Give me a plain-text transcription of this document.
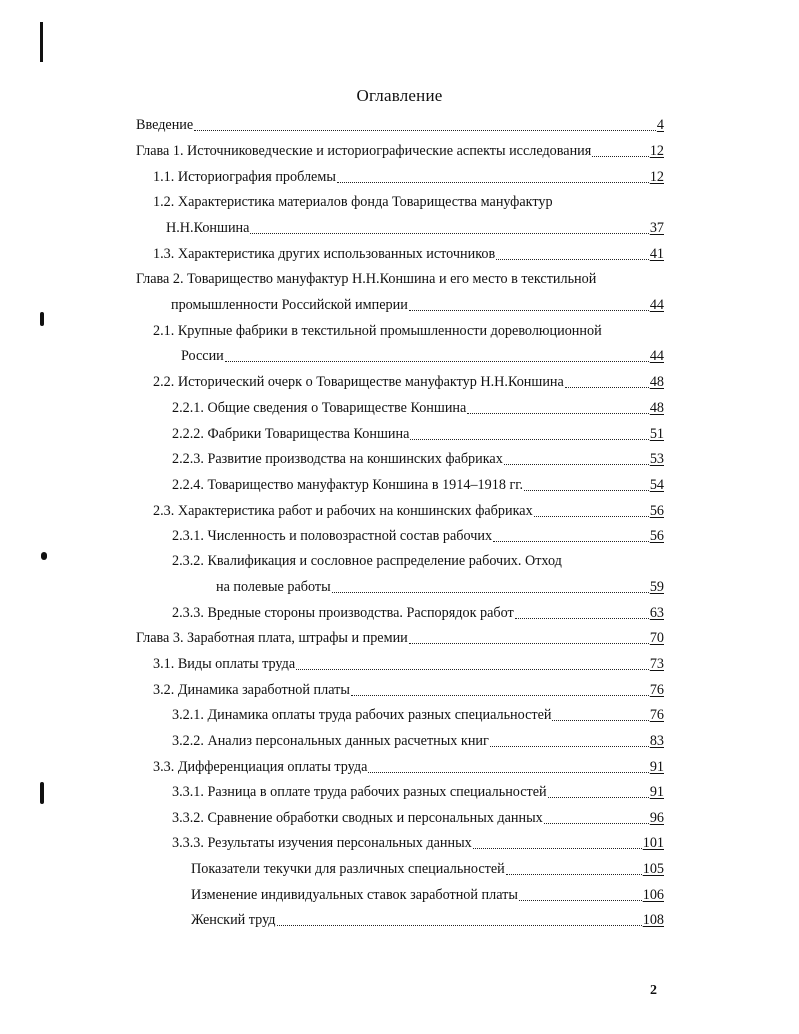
Оглавление
Введение	4
Глава 1. Источниковедческие и историографические аспекты исследования	12
1.1. Историография проблемы	12
1.2. Характеристика материалов фонда Товарищества мануфактур
Н.Н.Коншина	37
1.3. Характеристика других использованных источников	41
Глава 2. Товарищество мануфактур Н.Н.Коншина и его место в текстильной
промышленности Российской империи	44
2.1. Крупные фабрики в текстильной промышленности дореволюционной
России	44
2.2. Исторический очерк о Товариществе мануфактур Н.Н.Коншина	48
2.2.1. Общие сведения о Товариществе Коншина	48
2.2.2. Фабрики Товарищества Коншина	51
2.2.3. Развитие производства на коншинских фабриках	53
2.2.4. Товарищество мануфактур Коншина в 1914–1918 гг.	54
2.3. Характеристика работ и рабочих на коншинских фабриках	56
2.3.1. Численность и половозрастной состав рабочих	56
2.3.2. Квалификация и сословное распределение рабочих. Отход
на полевые работы	59
2.3.3. Вредные стороны производства. Распорядок работ	63
Глава 3. Заработная плата, штрафы и премии	70
3.1. Виды оплаты труда	73
3.2. Динамика заработной платы	76
3.2.1. Динамика оплаты труда рабочих разных специальностей	76
3.2.2. Анализ персональных данных расчетных книг	83
3.3. Дифференциация оплаты труда	91
3.3.1. Разница в оплате труда рабочих разных специальностей	91
3.3.2. Сравнение обработки сводных и персональных данных	96
3.3.3. Результаты изучения персональных данных	101
Показатели текучки для различных специальностей	105
Изменение индивидуальных ставок заработной платы	106
Женский труд	108
2
